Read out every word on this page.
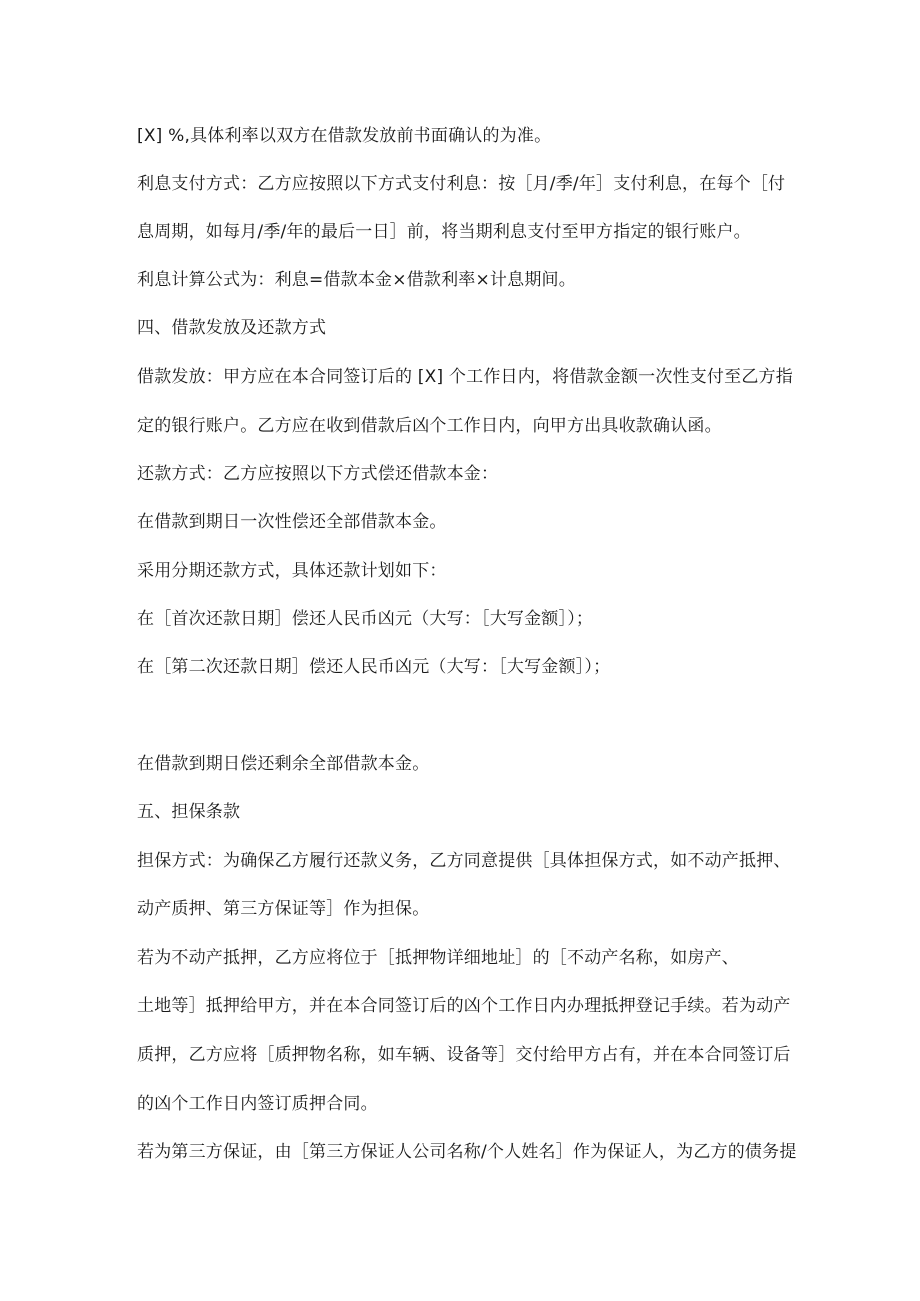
[X] %,具体利率以双方在借款发放前书面确认的为准。
利息支付方式：乙方应按照以下方式支付利息：按［月/季/年］支付利息，在每个［付
息周期，如每月/季/年的最后一日］前，将当期利息支付至甲方指定的银行账户。
利息计算公式为：利息=借款本金×借款利率×计息期间。
四、借款发放及还款方式
借款发放：甲方应在本合同签订后的 [X] 个工作日内，将借款金额一次性支付至乙方指
定的银行账户。乙方应在收到借款后凶个工作日内，向甲方出具收款确认函。
还款方式：乙方应按照以下方式偿还借款本金：
在借款到期日一次性偿还全部借款本金。
采用分期还款方式，具体还款计划如下：
在［首次还款日期］偿还人民币凶元（大写：［大写金额］）；
在［第二次还款日期］偿还人民币凶元（大写：［大写金额］）；
在借款到期日偿还剩余全部借款本金。
五、担保条款
担保方式：为确保乙方履行还款义务，乙方同意提供［具体担保方式，如不动产抵押、
动产质押、第三方保证等］作为担保。
若为不动产抵押，乙方应将位于［抵押物详细地址］的［不动产名称，如房产、
土地等］抵押给甲方，并在本合同签订后的凶个工作日内办理抵押登记手续。若为动产
质押，乙方应将［质押物名称，如车辆、设备等］交付给甲方占有，并在本合同签订后
的凶个工作日内签订质押合同。
若为第三方保证，由［第三方保证人公司名称/个人姓名］作为保证人，为乙方的债务提
